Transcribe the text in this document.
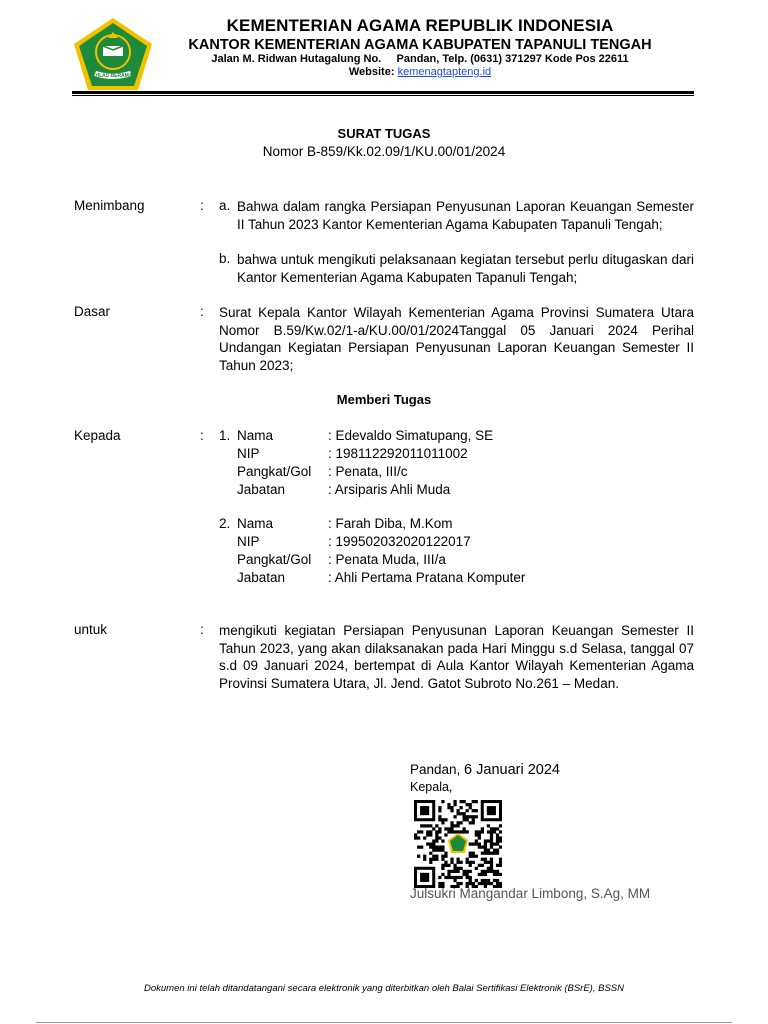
IKHLAS BERAMAL
KEMENTERIAN AGAMA REPUBLIK INDONESIA
KANTOR KEMENTERIAN AGAMA KABUPATEN TAPANULI TENGAH
Jalan M. Ridwan Hutagalung No.     Pandan, Telp. (0631) 371297 Kode Pos 22611
Website: kemenagtapteng.id
SURAT TUGAS
Nomor B-859/Kk.02.09/1/KU.00/01/2024
Menimbang	: a. Bahwa dalam rangka Persiapan Penyusunan Laporan Keuangan Semester II Tahun 2023 Kantor Kementerian Agama Kabupaten Tapanuli Tengah;
b. bahwa untuk mengikuti pelaksanaan kegiatan tersebut perlu ditugaskan dari Kantor Kementerian Agama Kabupaten Tapanuli Tengah;
Dasar	: Surat Kepala Kantor Wilayah Kementerian Agama Provinsi Sumatera Utara Nomor B.59/Kw.02/1-a/KU.00/01/2024Tanggal 05 Januari 2024 Perihal Undangan Kegiatan Persiapan Penyusunan Laporan Keuangan Semester II Tahun 2023;
Memberi Tugas
Kepada	: 1. Nama	: Edevaldo Simatupang, SE
NIP	: 198112292011011002
Pangkat/Gol : Penata, III/c
Jabatan	: Arsiparis Ahli Muda
2. Nama	: Farah Diba, M.Kom
NIP	: 199502032020122017
Pangkat/Gol : Penata Muda, III/a
Jabatan	: Ahli Pertama Pratana Komputer
untuk	: mengikuti kegiatan Persiapan Penyusunan Laporan Keuangan Semester II Tahun 2023, yang akan dilaksanakan pada Hari Minggu s.d Selasa, tanggal 07 s.d 09 Januari 2024, bertempat di Aula Kantor Wilayah Kementerian Agama Provinsi Sumatera Utara, Jl. Jend. Gatot Subroto No.261 – Medan.
Pandan, 6 Januari 2024
Kepala,
Julsukri Mangandar Limbong, S.Ag, MM
Dokumen ini telah ditandatangani secara elektronik yang diterbitkan oleh Balai Sertifikasi Elektronik (BSrE), BSSN
